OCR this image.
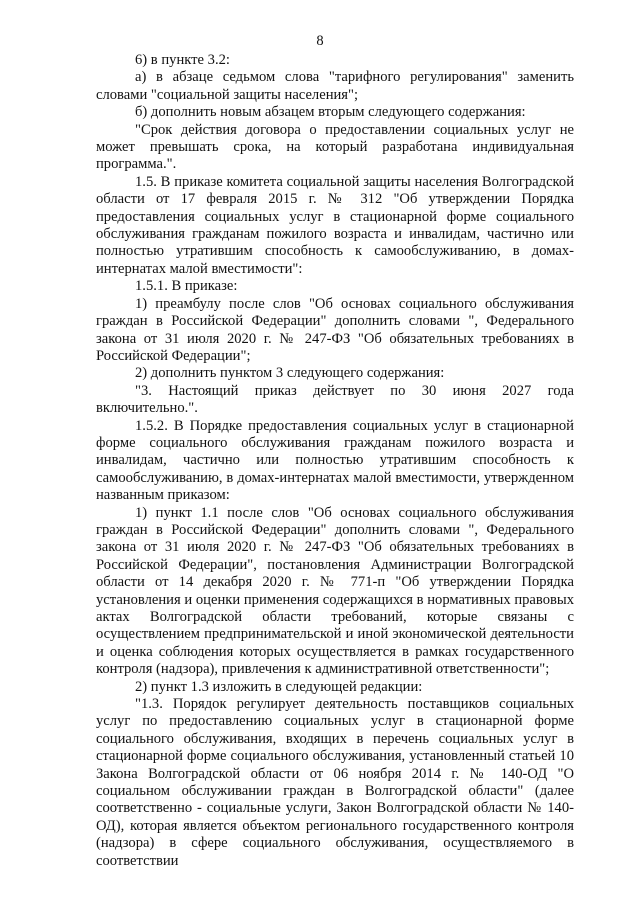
8

6) в пункте 3.2:

а) в абзаце седьмом слова "тарифного регулирования" заменить словами "социальной защиты населения";

б) дополнить новым абзацем вторым следующего содержания:

"Срок действия договора о предоставлении социальных услуг не может превышать срока, на который разработана индивидуальная программа.".

1.5. В приказе комитета социальной защиты населения Волгоградской области от 17 февраля 2015 г. № 312 "Об утверждении Порядка предоставления социальных услуг в стационарной форме социального обслуживания гражданам пожилого возраста и инвалидам, частично или полностью утратившим способность к самообслуживанию, в домах-интернатах малой вместимости":

1.5.1. В приказе:

1) преамбулу после слов "Об основах социального обслуживания граждан в Российской Федерации" дополнить словами ", Федерального закона от 31 июля 2020 г. № 247-ФЗ "Об обязательных требованиях в Российской Федерации";

2) дополнить пунктом 3 следующего содержания:

"3. Настоящий приказ действует по 30 июня 2027 года включительно.".

1.5.2. В Порядке предоставления социальных услуг в стационарной форме социального обслуживания гражданам пожилого возраста и инвалидам, частично или полностью утратившим способность к самообслуживанию, в домах-интернатах малой вместимости, утвержденном названным приказом:

1) пункт 1.1 после слов "Об основах социального обслуживания граждан в Российской Федерации" дополнить словами ", Федерального закона от 31 июля 2020 г. № 247-ФЗ "Об обязательных требованиях в Российской Федерации", постановления Администрации Волгоградской области от 14 декабря 2020 г. № 771-п "Об утверждении Порядка установления и оценки применения содержащихся в нормативных правовых актах Волгоградской области требований, которые связаны с осуществлением предпринимательской и иной экономической деятельности и оценка соблюдения которых осуществляется в рамках государственного контроля (надзора), привлечения к административной ответственности";

2) пункт 1.3 изложить в следующей редакции:

"1.3. Порядок регулирует деятельность поставщиков социальных услуг по предоставлению социальных услуг в стационарной форме социального обслуживания, входящих в перечень социальных услуг в стационарной форме социального обслуживания, установленный статьей 10 Закона Волгоградской области от 06 ноября 2014 г. № 140-ОД "О социальном обслуживании граждан в Волгоградской области" (далее соответственно - социальные услуги, Закон Волгоградской области № 140-ОД), которая является объектом регионального государственного контроля (надзора) в сфере социального обслуживания, осуществляемого в соответствии
